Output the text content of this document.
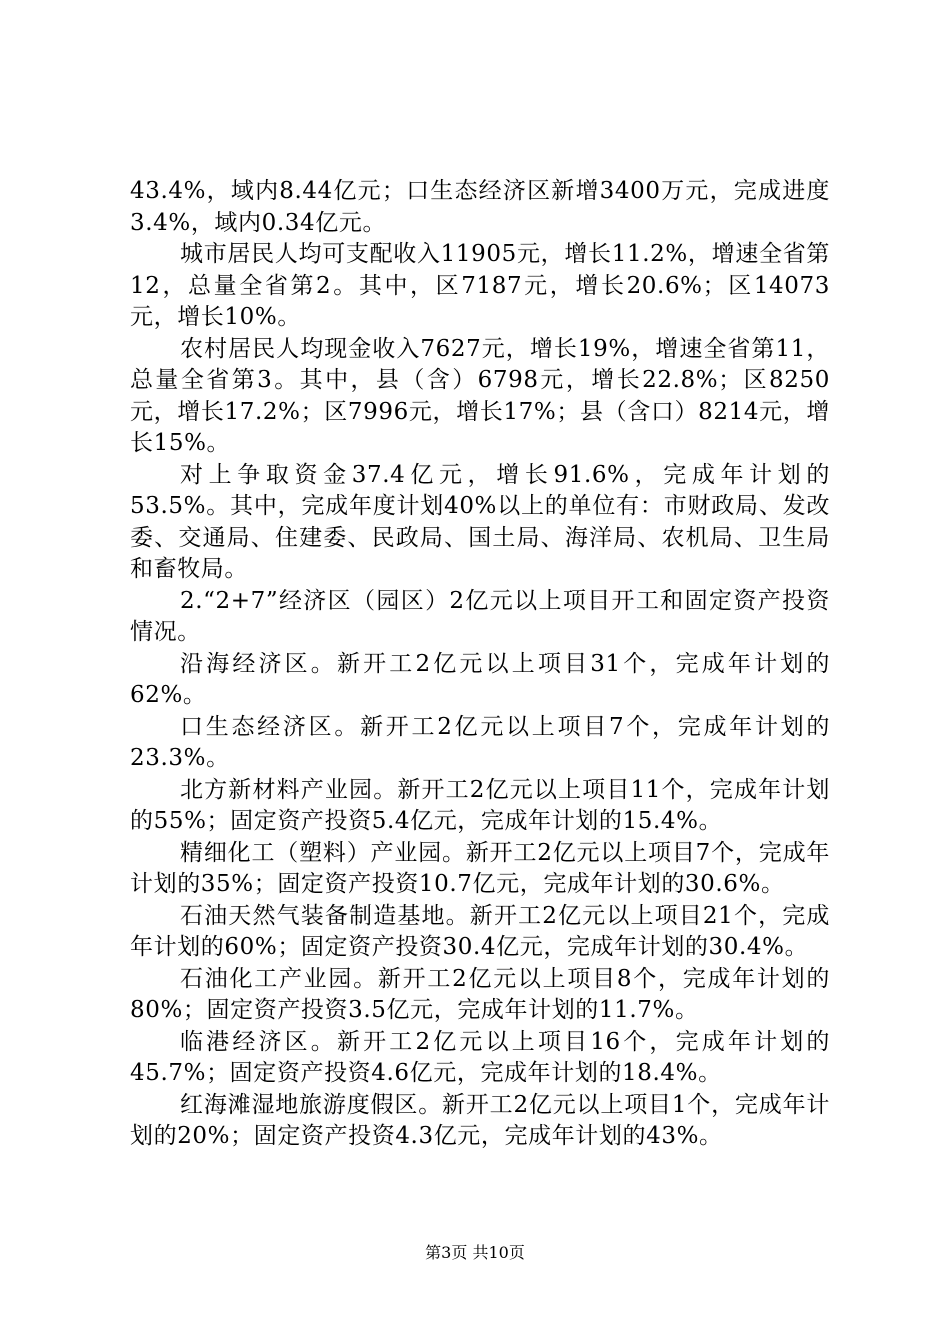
43.4%，域内8.44亿元；口生态经济区新增3400万元，完成进度3.4%，域内0.34亿元。

城市居民人均可支配收入11905元，增长11.2%，增速全省第12，总量全省第2。其中，区7187元，增长20.6%；区14073元，增长10%。

农村居民人均现金收入7627元，增长19%，增速全省第11，总量全省第3。其中，县（含）6798元，增长22.8%；区8250元，增长17.2%；区7996元，增长17%；县（含口）8214元，增长15%。

对上争取资金37.4亿元，增长91.6%，完成年计划的53.5%。其中，完成年度计划40%以上的单位有：市财政局、发改委、交通局、住建委、民政局、国土局、海洋局、农机局、卫生局和畜牧局。

2.“2+7”经济区（园区）2亿元以上项目开工和固定资产投资情况。

沿海经济区。新开工2亿元以上项目31个，完成年计划的62%。

口生态经济区。新开工2亿元以上项目7个，完成年计划的23.3%。

北方新材料产业园。新开工2亿元以上项目11个，完成年计划的55%；固定资产投资5.4亿元，完成年计划的15.4%。

精细化工（塑料）产业园。新开工2亿元以上项目7个，完成年计划的35%；固定资产投资10.7亿元，完成年计划的30.6%。

石油天然气装备制造基地。新开工2亿元以上项目21个，完成年计划的60%；固定资产投资30.4亿元，完成年计划的30.4%。

石油化工产业园。新开工2亿元以上项目8个，完成年计划的80%；固定资产投资3.5亿元，完成年计划的11.7%。

临港经济区。新开工2亿元以上项目16个，完成年计划的45.7%；固定资产投资4.6亿元，完成年计划的18.4%。

红海滩湿地旅游度假区。新开工2亿元以上项目1个，完成年计划的20%；固定资产投资4.3亿元，完成年计划的43%。

第3页 共10页
